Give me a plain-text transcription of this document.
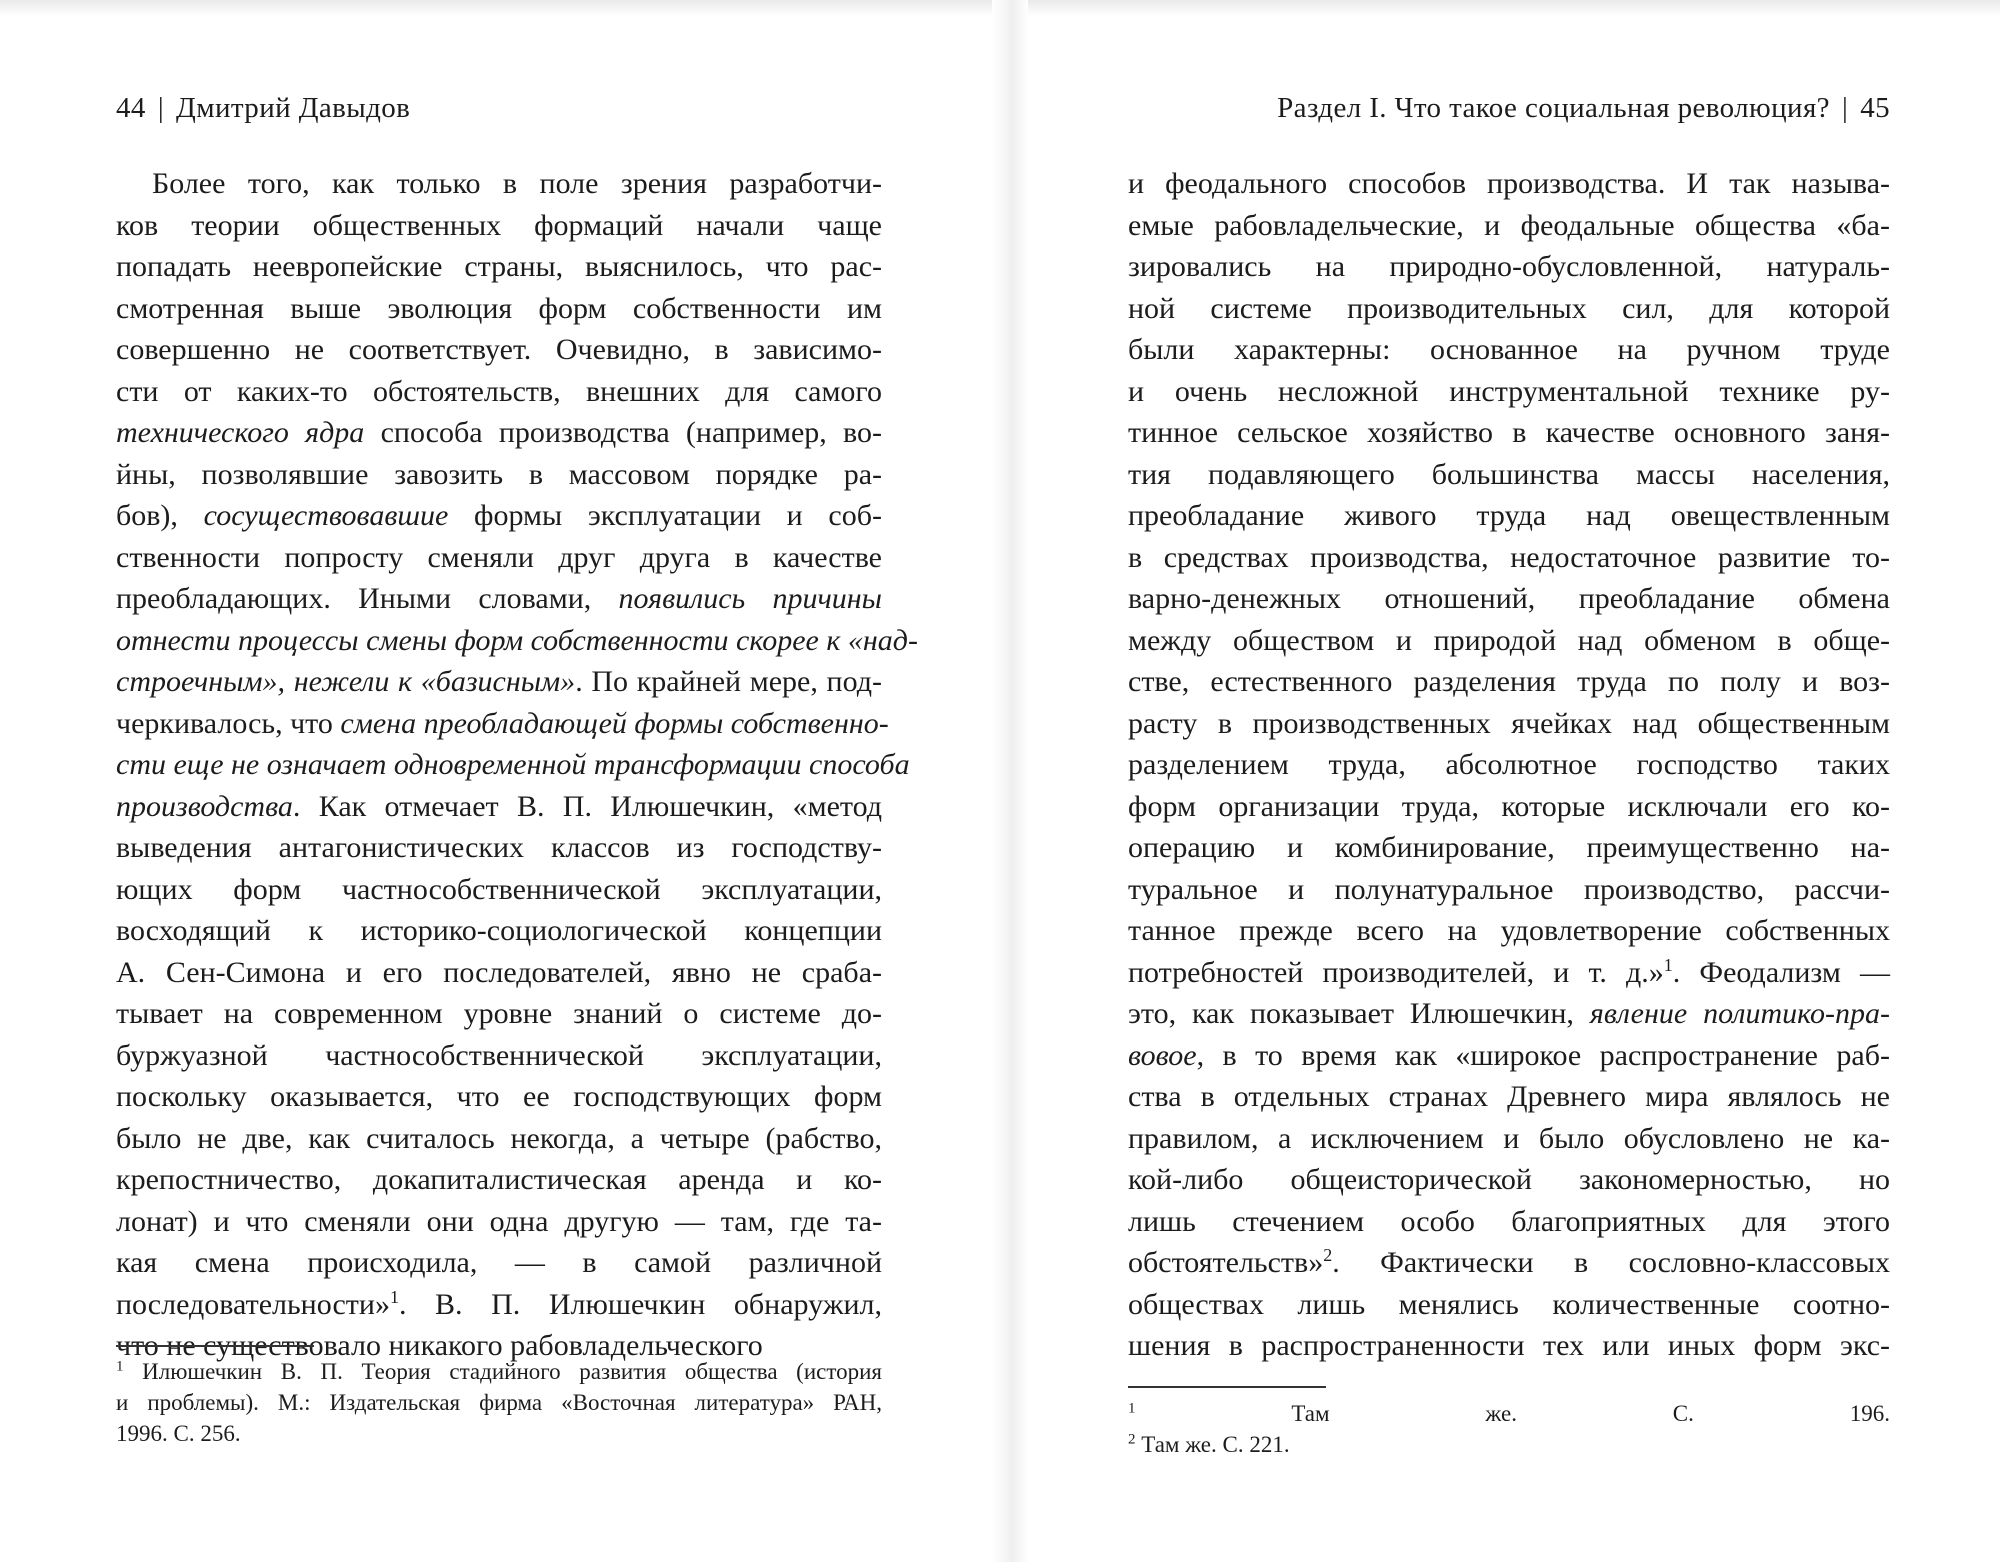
44 | Дмитрий Давыдов
Более того, как только в поле зрения разработчи-
ков теории общественных формаций начали чаще
попадать неевропейские страны, выяснилось, что рас-
смотренная выше эволюция форм собственности им
совершенно не соответствует. Очевидно, в зависимо-
сти от каких-то обстоятельств, внешних для самого
технического ядра способа производства (например, во-
йны, позволявшие завозить в массовом порядке ра-
бов), сосуществовавшие формы эксплуатации и соб-
ственности попросту сменяли друг друга в качестве
преобладающих. Иными словами, появились причины
отнести процессы смены форм собственности скорее к «над-
строечным», нежели к «базисным». По крайней мере, под-
черкивалось, что смена преобладающей формы собственно-
сти еще не означает одновременной трансформации способа
производства. Как отмечает В. П. Илюшечкин, «метод
выведения антагонистических классов из господству-
ющих форм частнособственнической эксплуатации,
восходящий к историко-социологической концепции
А. Сен-Симона и его последователей, явно не сраба-
тывает на современном уровне знаний о системе до-
буржуазной частнособственнической эксплуатации,
поскольку оказывается, что ее господствующих форм
было не две, как считалось некогда, а четыре (рабство,
крепостничество, докапиталистическая аренда и ко-
лонат) и что сменяли они одна другую — там, где та-
кая смена происходила, — в самой различной
последовательности»$^1$. В. П. Илюшечкин обнаружил,
что не существовало никакого рабовладельческого
$^1$ Илюшечкин В. П. Теория стадийного развития общества (история
и проблемы). М.: Издательская фирма «Восточная литература» РАН,
1996. С. 256.
Раздел I. Что такое социальная революция? | 45
и феодального способов производства. И так называ-
емые рабовладельческие, и феодальные общества «ба-
зировались на природно-обусловленной, натураль-
ной системе производительных сил, для которой
были характерны: основанное на ручном труде
и очень несложной инструментальной технике ру-
тинное сельское хозяйство в качестве основного заня-
тия подавляющего большинства массы населения,
преобладание живого труда над овеществленным
в средствах производства, недостаточное развитие то-
варно-денежных отношений, преобладание обмена
между обществом и природой над обменом в обще-
стве, естественного разделения труда по полу и воз-
расту в производственных ячейках над общественным
разделением труда, абсолютное господство таких
форм организации труда, которые исключали его ко-
операцию и комбинирование, преимущественно на-
туральное и полунатуральное производство, рассчи-
танное прежде всего на удовлетворение собственных
потребностей производителей, и т. д.»$^1$. Феодализм —
это, как показывает Илюшечкин, явление политико-пра-
вовое, в то время как «широкое распространение раб-
ства в отдельных странах Древнего мира являлось не
правилом, а исключением и было обусловлено не ка-
кой-либо общеисторической закономерностью, но
лишь стечением особо благоприятных для этого
обстоятельств»$^2$. Фактически в сословно-классовых
обществах лишь менялись количественные соотно-
шения в распространенности тех или иных форм экс-
$^1$ Там же. С. 196.
$^2$ Там же. С. 221.
